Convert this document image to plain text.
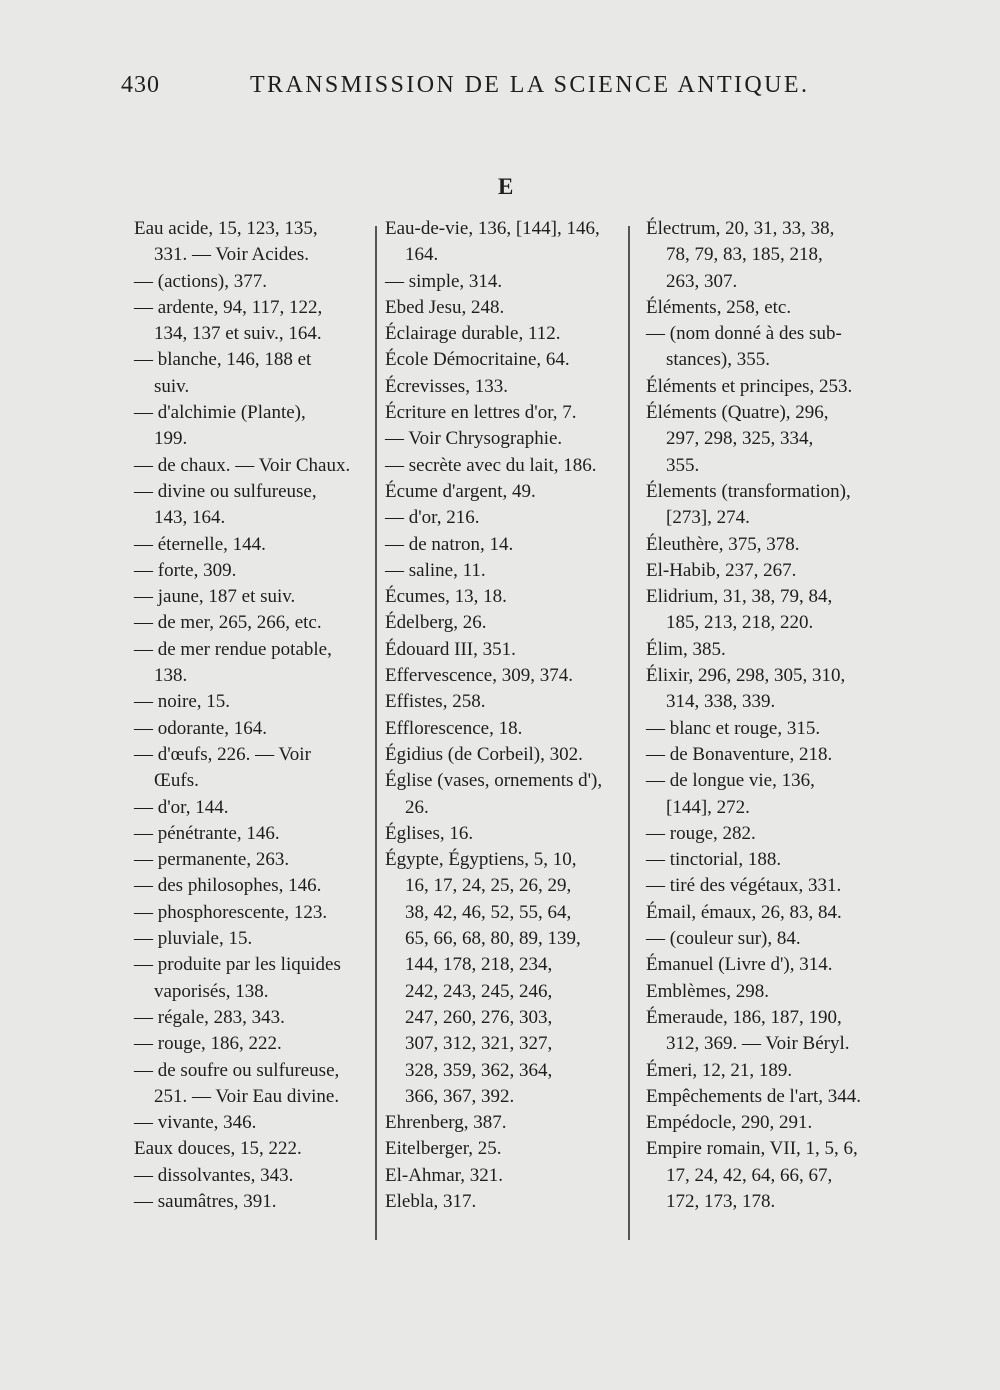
430	TRANSMISSION DE LA SCIENCE ANTIQUE.
E
Eau acide, 15, 123, 135,
331. — Voir Acides.
— (actions), 377.
— ardente, 94, 117, 122,
134, 137 et suiv., 164.
— blanche, 146, 188 et
suiv.
— d'alchimie (Plante),
199.
— de chaux. — Voir Chaux.
— divine ou sulfureuse,
143, 164.
— éternelle, 144.
— forte, 309.
— jaune, 187 et suiv.
— de mer, 265, 266, etc.
— de mer rendue potable,
138.
— noire, 15.
— odorante, 164.
— d'œufs, 226. — Voir
Œufs.
— d'or, 144.
— pénétrante, 146.
— permanente, 263.
— des philosophes, 146.
— phosphorescente, 123.
— pluviale, 15.
— produite par les liquides
vaporisés, 138.
— régale, 283, 343.
— rouge, 186, 222.
— de soufre ou sulfureuse,
251. — Voir Eau divine.
— vivante, 346.
Eaux douces, 15, 222.
— dissolvantes, 343.
— saumâtres, 391.
Eau-de-vie, 136, [144], 146,
164.
— simple, 314.
Ebed Jesu, 248.
Éclairage durable, 112.
École Démocritaine, 64.
Écrevisses, 133.
Écriture en lettres d'or, 7.
— Voir Chrysographie.
— secrète avec du lait, 186.
Écume d'argent, 49.
— d'or, 216.
— de natron, 14.
— saline, 11.
Écumes, 13, 18.
Édelberg, 26.
Édouard III, 351.
Effervescence, 309, 374.
Effistes, 258.
Efflorescence, 18.
Égidius (de Corbeil), 302.
Église (vases, ornements d'),
26.
Églises, 16.
Égypte, Égyptiens, 5, 10,
16, 17, 24, 25, 26, 29,
38, 42, 46, 52, 55, 64,
65, 66, 68, 80, 89, 139,
144, 178, 218, 234,
242, 243, 245, 246,
247, 260, 276, 303,
307, 312, 321, 327,
328, 359, 362, 364,
366, 367, 392.
Ehrenberg, 387.
Eitelberger, 25.
El-Ahmar, 321.
Elebla, 317.
Électrum, 20, 31, 33, 38,
78, 79, 83, 185, 218,
263, 307.
Éléments, 258, etc.
— (nom donné à des sub-
stances), 355.
Éléments et principes, 253.
Éléments (Quatre), 296,
297, 298, 325, 334,
355.
Élements (transformation),
[273], 274.
Éleuthère, 375, 378.
El-Habib, 237, 267.
Elidrium, 31, 38, 79, 84,
185, 213, 218, 220.
Élim, 385.
Élixir, 296, 298, 305, 310,
314, 338, 339.
— blanc et rouge, 315.
— de Bonaventure, 218.
— de longue vie, 136,
[144], 272.
— rouge, 282.
— tinctorial, 188.
— tiré des végétaux, 331.
Émail, émaux, 26, 83, 84.
— (couleur sur), 84.
Émanuel (Livre d'), 314.
Emblèmes, 298.
Émeraude, 186, 187, 190,
312, 369. — Voir Béryl.
Émeri, 12, 21, 189.
Empêchements de l'art, 344.
Empédocle, 290, 291.
Empire romain, VII, 1, 5, 6,
17, 24, 42, 64, 66, 67,
172, 173, 178.
